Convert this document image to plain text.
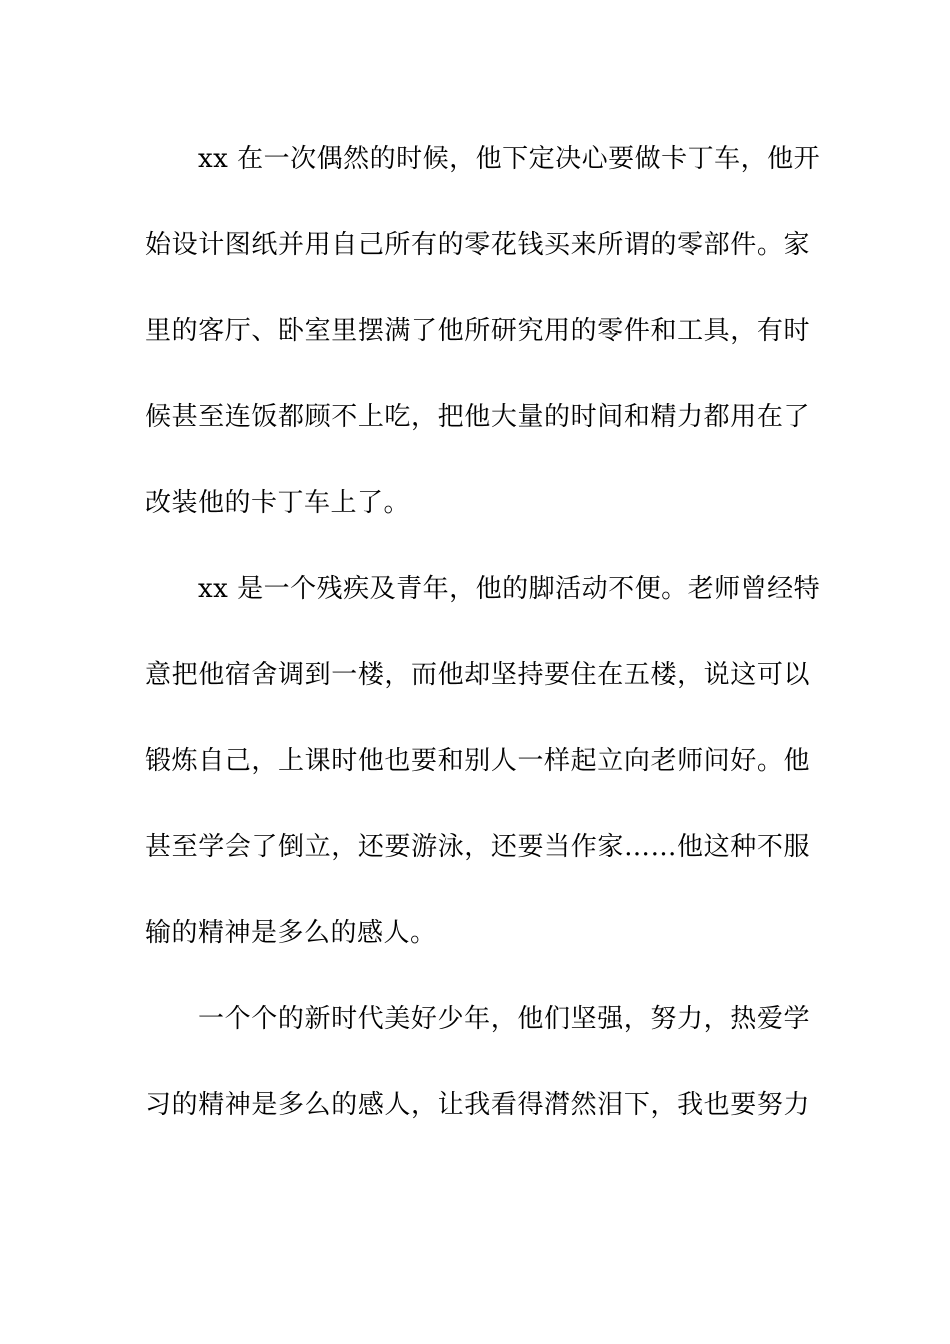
xx 在一次偶然的时候，他下定决心要做卡丁车，他开
始设计图纸并用自己所有的零花钱买来所谓的零部件。家
里的客厅、卧室里摆满了他所研究用的零件和工具，有时
候甚至连饭都顾不上吃，把他大量的时间和精力都用在了
改装他的卡丁车上了。
xx 是一个残疾及青年，他的脚活动不便。老师曾经特
意把他宿舍调到一楼，而他却坚持要住在五楼，说这可以
锻炼自己，上课时他也要和别人一样起立向老师问好。他
甚至学会了倒立，还要游泳，还要当作家……他这种不服
输的精神是多么的感人。
一个个的新时代美好少年，他们坚强，努力，热爱学
习的精神是多么的感人，让我看得潸然泪下，我也要努力
